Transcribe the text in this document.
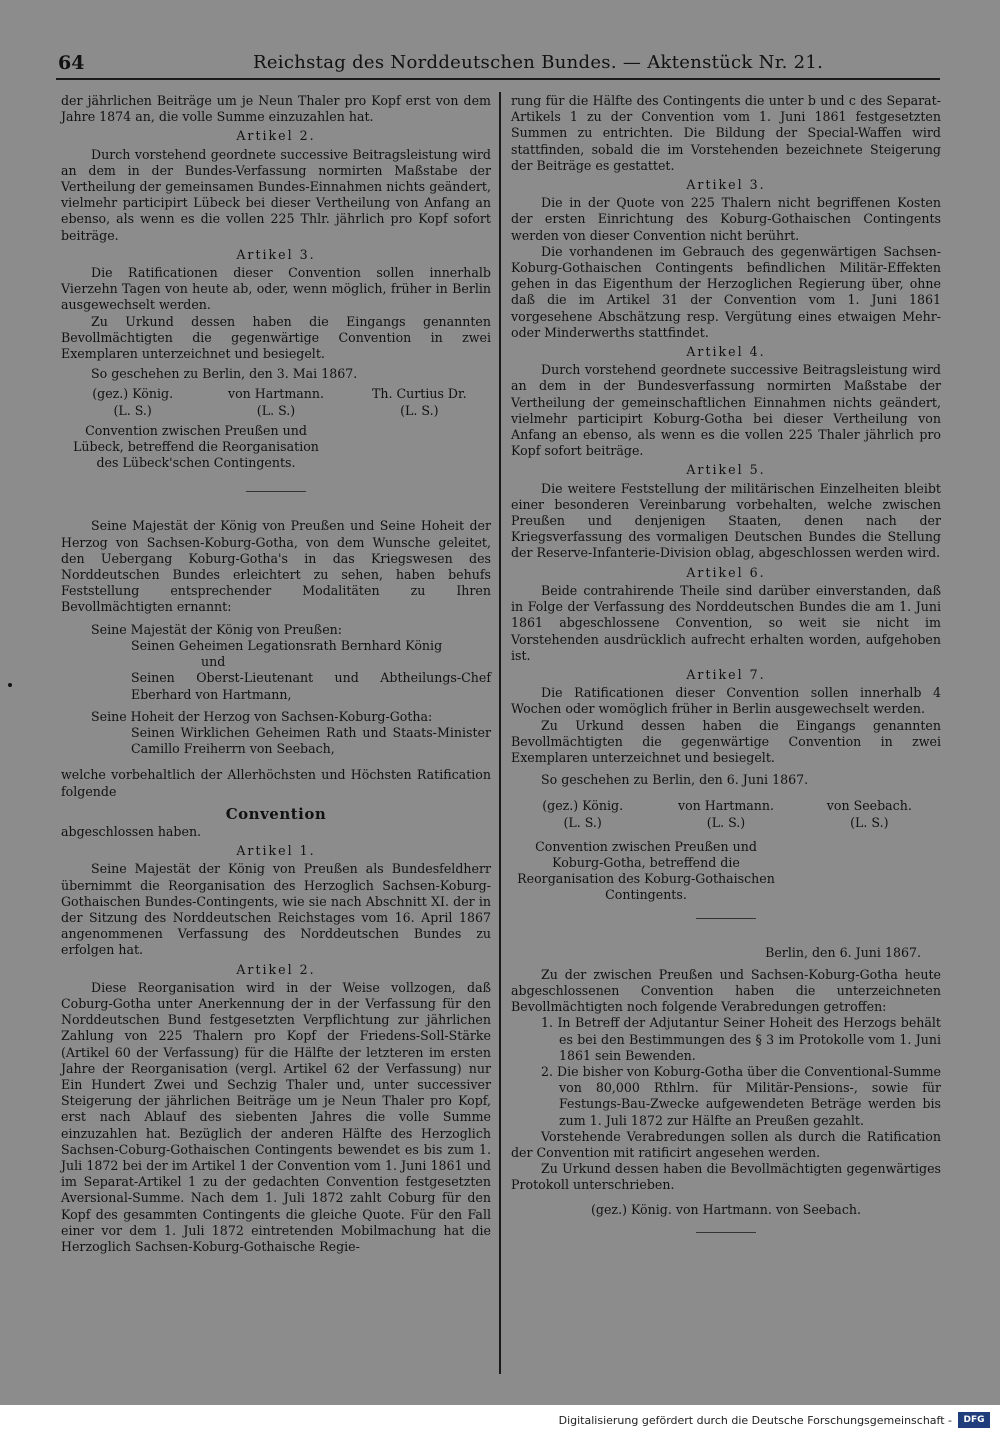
64	Reichstag des Norddeutschen Bundes. — Aktenstück Nr. 21.

der jährlichen Beiträge um je Neun Thaler pro Kopf erst von dem Jahre 1874 an, die volle Summe einzuzahlen hat.

Artikel 2.

Durch vorstehend geordnete successive Beitragsleistung wird an dem in der Bundes-Verfassung normirten Maßstabe der Vertheilung der gemeinsamen Bundes-Einnahmen nichts geändert, vielmehr participirt Lübeck bei dieser Vertheilung von Anfang an ebenso, als wenn es die vollen 225 Thlr. jährlich pro Kopf sofort beiträge.

Artikel 3.

Die Ratificationen dieser Convention sollen innerhalb Vierzehn Tagen von heute ab, oder, wenn möglich, früher in Berlin ausgewechselt werden.

Zu Urkund dessen haben die Eingangs genannten Bevollmächtigten die gegenwärtige Convention in zwei Exemplaren unterzeichnet und besiegelt.

So geschehen zu Berlin, den 3. Mai 1867.

(gez.) König.	von Hartmann.	Th. Curtius Dr.
(L. S.)	(L. S.)	(L. S.)

Convention zwischen Preußen und Lübeck, betreffend die Reorganisation des Lübeck'schen Contingents.

Seine Majestät der König von Preußen und Seine Hoheit der Herzog von Sachsen-Koburg-Gotha, von dem Wunsche geleitet, den Uebergang Koburg-Gotha's in das Kriegswesen des Norddeutschen Bundes erleichtert zu sehen, haben behufs Feststellung entsprechender Modalitäten zu Ihren Bevollmächtigten ernannt:

Seine Majestät der König von Preußen:

Seinen Geheimen Legationsrath Bernhard König

und

Seinen Oberst-Lieutenant und Abtheilungs-Chef Eberhard von Hartmann,

Seine Hoheit der Herzog von Sachsen-Koburg-Gotha:

Seinen Wirklichen Geheimen Rath und Staats-Minister Camillo Freiherrn von Seebach,

welche vorbehaltlich der Allerhöchsten und Höchsten Ratification folgende

Convention

abgeschlossen haben.

Artikel 1.

Seine Majestät der König von Preußen als Bundesfeldherr übernimmt die Reorganisation des Herzoglich Sachsen-Koburg-Gothaischen Bundes-Contingents, wie sie nach Abschnitt XI. der in der Sitzung des Norddeutschen Reichstages vom 16. April 1867 angenommenen Verfassung des Norddeutschen Bundes zu erfolgen hat.

Artikel 2.

Diese Reorganisation wird in der Weise vollzogen, daß Coburg-Gotha unter Anerkennung der in der Verfassung für den Norddeutschen Bund festgesetzten Verpflichtung zur jährlichen Zahlung von 225 Thalern pro Kopf der Friedens-Soll-Stärke (Artikel 60 der Verfassung) für die Hälfte der letzteren im ersten Jahre der Reorganisation (vergl. Artikel 62 der Verfassung) nur Ein Hundert Zwei und Sechzig Thaler und, unter successiver Steigerung der jährlichen Beiträge um je Neun Thaler pro Kopf, erst nach Ablauf des siebenten Jahres die volle Summe einzuzahlen hat. Bezüglich der anderen Hälfte des Herzoglich Sachsen-Coburg-Gothaischen Contingents bewendet es bis zum 1. Juli 1872 bei der im Artikel 1 der Convention vom 1. Juni 1861 und im Separat-Artikel 1 zu der gedachten Convention festgesetzten Aversional-Summe. Nach dem 1. Juli 1872 zahlt Coburg für den Kopf des gesammten Contingents die gleiche Quote. Für den Fall einer vor dem 1. Juli 1872 eintretenden Mobilmachung hat die Herzoglich Sachsen-Koburg-Gothaische Regie-

rung für die Hälfte des Contingents die unter b und c des Separat-Artikels 1 zu der Convention vom 1. Juni 1861 festgesetzten Summen zu entrichten. Die Bildung der Special-Waffen wird stattfinden, sobald die im Vorstehenden bezeichnete Steigerung der Beiträge es gestattet.

Artikel 3.

Die in der Quote von 225 Thalern nicht begriffenen Kosten der ersten Einrichtung des Koburg-Gothaischen Contingents werden von dieser Convention nicht berührt.

Die vorhandenen im Gebrauch des gegenwärtigen Sachsen-Koburg-Gothaischen Contingents befindlichen Militär-Effekten gehen in das Eigenthum der Herzoglichen Regierung über, ohne daß die im Artikel 31 der Convention vom 1. Juni 1861 vorgesehene Abschätzung resp. Vergütung eines etwaigen Mehr- oder Minderwerths stattfindet.

Artikel 4.

Durch vorstehend geordnete successive Beitragsleistung wird an dem in der Bundesverfassung normirten Maßstabe der Vertheilung der gemeinschaftlichen Einnahmen nichts geändert, vielmehr participirt Koburg-Gotha bei dieser Vertheilung von Anfang an ebenso, als wenn es die vollen 225 Thaler jährlich pro Kopf sofort beiträge.

Artikel 5.

Die weitere Feststellung der militärischen Einzelheiten bleibt einer besonderen Vereinbarung vorbehalten, welche zwischen Preußen und denjenigen Staaten, denen nach der Kriegsverfassung des vormaligen Deutschen Bundes die Stellung der Reserve-Infanterie-Division oblag, abgeschlossen werden wird.

Artikel 6.

Beide contrahirende Theile sind darüber einverstanden, daß in Folge der Verfassung des Norddeutschen Bundes die am 1. Juni 1861 abgeschlossene Convention, so weit sie nicht im Vorstehenden ausdrücklich aufrecht erhalten worden, aufgehoben ist.

Artikel 7.

Die Ratificationen dieser Convention sollen innerhalb 4 Wochen oder womöglich früher in Berlin ausgewechselt werden.

Zu Urkund dessen haben die Eingangs genannten Bevollmächtigten die gegenwärtige Convention in zwei Exemplaren unterzeichnet und besiegelt.

So geschehen zu Berlin, den 6. Juni 1867.

(gez.) König.	von Hartmann.	von Seebach.
(L. S.)	(L. S.)	(L. S.)

Convention zwischen Preußen und Koburg-Gotha, betreffend die Reorganisation des Koburg-Gothaischen Contingents.

Berlin, den 6. Juni 1867.

Zu der zwischen Preußen und Sachsen-Koburg-Gotha heute abgeschlossenen Convention haben die unterzeichneten Bevollmächtigten noch folgende Verabredungen getroffen:

1. In Betreff der Adjutantur Seiner Hoheit des Herzogs behält es bei den Bestimmungen des § 3 im Protokolle vom 1. Juni 1861 sein Bewenden.

2. Die bisher von Koburg-Gotha über die Conventional-Summe von 80,000 Rthlrn. für Militär-Pensions-, sowie für Festungs-Bau-Zwecke aufgewendeten Beträge werden bis zum 1. Juli 1872 zur Hälfte an Preußen gezahlt.

Vorstehende Verabredungen sollen als durch die Ratification der Convention mit ratificirt angesehen werden.

Zu Urkund dessen haben die Bevollmächtigten gegenwärtiges Protokoll unterschrieben.

(gez.) König. von Hartmann. von Seebach.

Digitalisierung gefördert durch die Deutsche Forschungsgemeinschaft -	DFG
